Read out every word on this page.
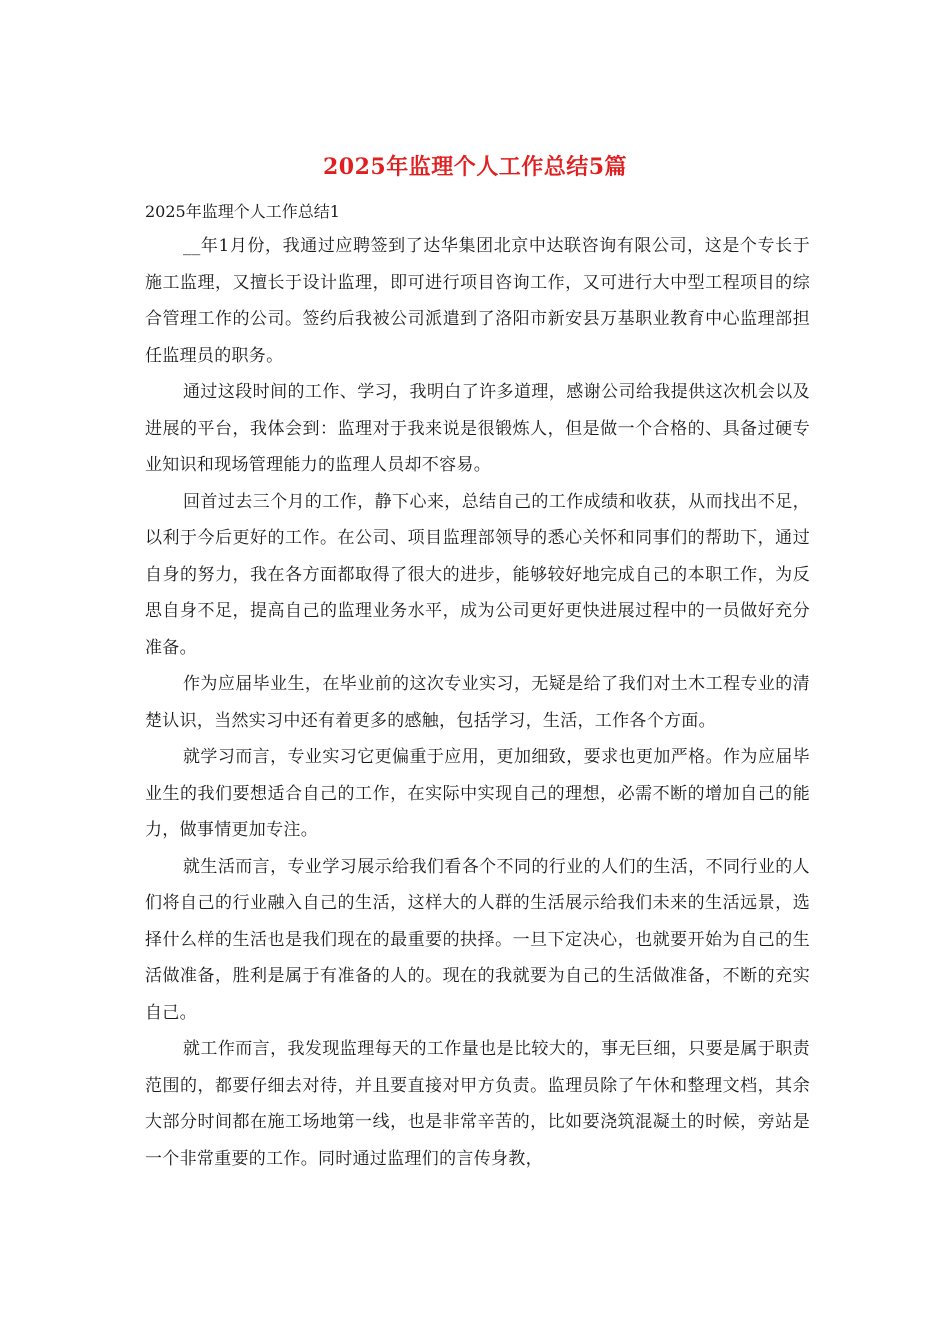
2025年监理个人工作总结5篇
2025年监理个人工作总结1

__年1月份，我通过应聘签到了达华集团北京中达联咨询有限公司，这是个专长于施工监理，又擅长于设计监理，即可进行项目咨询工作，又可进行大中型工程项目的综合管理工作的公司。签约后我被公司派遣到了洛阳市新安县万基职业教育中心监理部担任监理员的职务。

通过这段时间的工作、学习，我明白了许多道理，感谢公司给我提供这次机会以及进展的平台，我体会到：监理对于我来说是很锻炼人，但是做一个合格的、具备过硬专业知识和现场管理能力的监理人员却不容易。

回首过去三个月的工作，静下心来，总结自己的工作成绩和收获，从而找出不足，以利于今后更好的工作。在公司、项目监理部领导的悉心关怀和同事们的帮助下，通过自身的努力，我在各方面都取得了很大的进步，能够较好地完成自己的本职工作，为反思自身不足，提高自己的监理业务水平，成为公司更好更快进展过程中的一员做好充分准备。

作为应届毕业生，在毕业前的这次专业实习，无疑是给了我们对土木工程专业的清楚认识，当然实习中还有着更多的感触，包括学习，生活，工作各个方面。

就学习而言，专业实习它更偏重于应用，更加细致，要求也更加严格。作为应届毕业生的我们要想适合自己的工作，在实际中实现自己的理想，必需不断的增加自己的能力，做事情更加专注。

就生活而言，专业学习展示给我们看各个不同的行业的人们的生活，不同行业的人们将自己的行业融入自己的生活，这样大的人群的生活展示给我们未来的生活远景，选择什么样的生活也是我们现在的最重要的抉择。一旦下定决心，也就要开始为自己的生活做准备，胜利是属于有准备的人的。现在的我就要为自己的生活做准备，不断的充实自己。

就工作而言，我发现监理每天的工作量也是比较大的，事无巨细，只要是属于职责范围的，都要仔细去对待，并且要直接对甲方负责。监理员除了午休和整理文档，其余大部分时间都在施工场地第一线，也是非常辛苦的，比如要浇筑混凝土的时候，旁站是一个非常重要的工作。同时通过监理们的言传身教，
